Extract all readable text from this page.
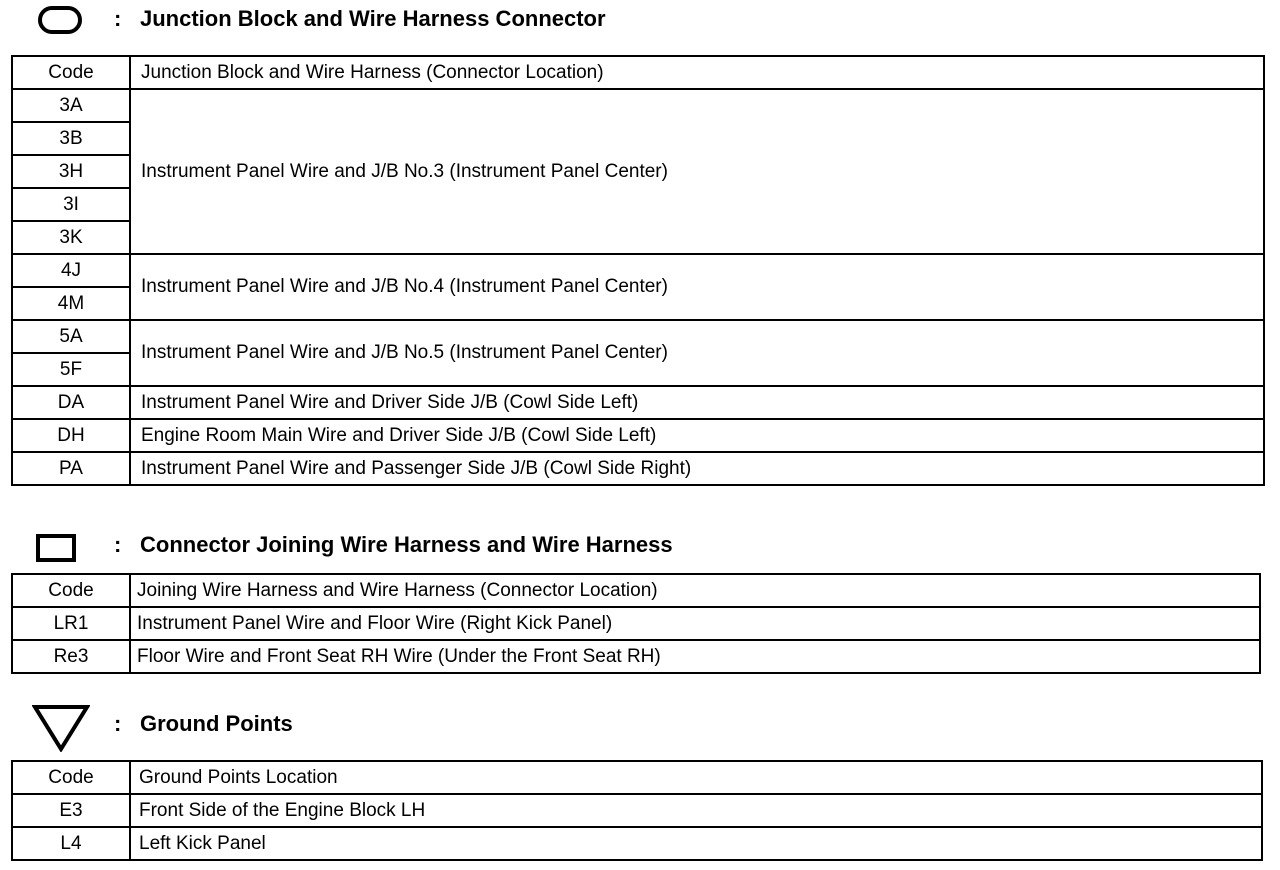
: Junction Block and Wire Harness Connector
Code	Junction Block and Wire Harness (Connector Location)
3A	Instrument Panel Wire and J/B No.3 (Instrument Panel Center)
3B	
3H	
3I	
3K	
4J	Instrument Panel Wire and J/B No.4 (Instrument Panel Center)
4M	
5A	Instrument Panel Wire and J/B No.5 (Instrument Panel Center)
5F	
DA	Instrument Panel Wire and Driver Side J/B (Cowl Side Left)
DH	Engine Room Main Wire and Driver Side J/B (Cowl Side Left)
PA	Instrument Panel Wire and Passenger Side J/B (Cowl Side Right)
: Connector Joining Wire Harness and Wire Harness
Code	Joining Wire Harness and Wire Harness (Connector Location)
LR1	Instrument Panel Wire and Floor Wire (Right Kick Panel)
Re3	Floor Wire and Front Seat RH Wire (Under the Front Seat RH)
: Ground Points
Code	Ground Points Location
E3	Front Side of the Engine Block LH
L4	Left Kick Panel
